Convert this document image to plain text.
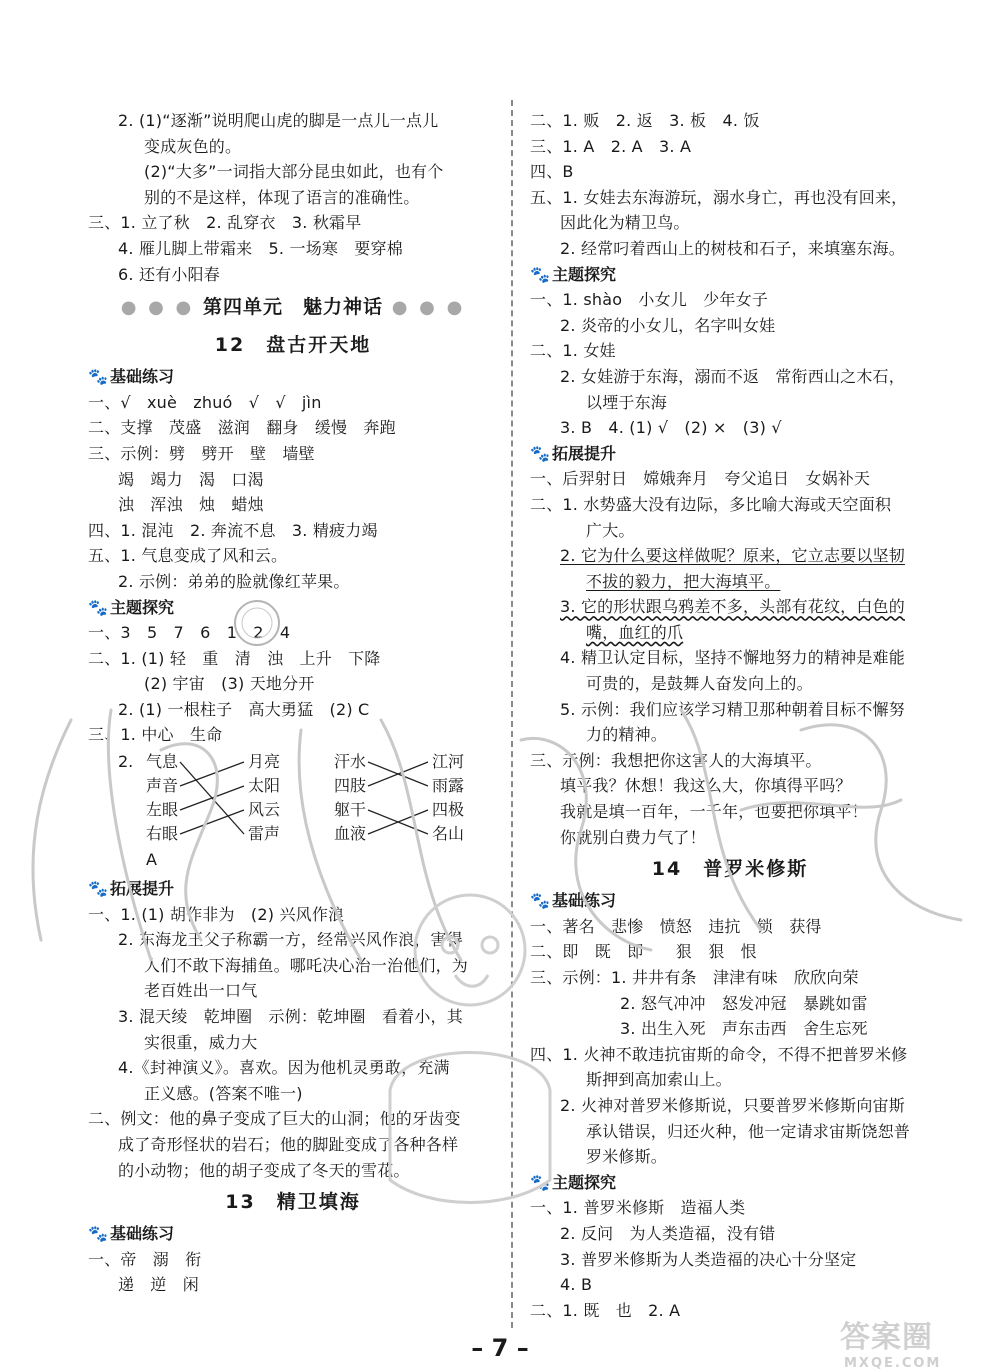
2. (1)“逐渐”说明爬山虎的脚是一点儿一点儿
变成灰色的。
(2)“大多”一词指大部分昆虫如此，也有个
别的不是这样，体现了语言的准确性。
三、1. 立了秋　2. 乱穿衣　3. 秋霜早
4. 雁儿脚上带霜来　5. 一场寒　要穿棉
6. 还有小阳春
● ● ● 第四单元　魅力神话 ● ● ●
12　盘古开天地
🐾 基础练习
一、√　xuè　zhuó　√　√　jìn
二、支撑　茂盛　滋润　翻身　缓慢　奔跑
三、示例：劈　劈开　壁　墙壁
竭　竭力　渴　口渴
浊　浑浊　烛　蜡烛
四、1. 混沌　2. 奔流不息　3. 精疲力竭
五、1. 气息变成了风和云。
2. 示例：弟弟的脸就像红苹果。
🐾 主题探究
一、3　5　7　6　1　2　4
二、1. (1) 轻　重　清　浊　上升　下降
(2) 宇宙　(3) 天地分开
2. (1) 一根柱子　高大勇猛　(2) C
三、1. 中心　生命
2. 气息
声音
左眼
右眼
月亮
太阳
风云
雷声
汗水
四肢
躯干
血液
江河
雨露
四极
名山
A
🐾 拓展提升
一、1. (1) 胡作非为　(2) 兴风作浪
2. 东海龙王父子称霸一方，经常兴风作浪，害得
人们不敢下海捕鱼。哪吒决心治一治他们，为
老百姓出一口气
3. 混天绫　乾坤圈　示例：乾坤圈　看着小，其
实很重，威力大
4.《封神演义》。喜欢。因为他机灵勇敢，充满
正义感。(答案不唯一)
二、例文：他的鼻子变成了巨大的山洞；他的牙齿变
成了奇形怪状的岩石；他的脚趾变成了各种各样
的小动物；他的胡子变成了冬天的雪花。
13　精卫填海
🐾 基础练习
一、帝　溺　衔
递　逆　闲
二、1. 贩　2. 返　3. 板　4. 饭
三、1. A　2. A　3. A
四、B
五、1. 女娃去东海游玩，溺水身亡，再也没有回来，
因此化为精卫鸟。
2. 经常叼着西山上的树枝和石子，来填塞东海。
🐾 主题探究
一、1. shào　小女儿　少年女子
2. 炎帝的小女儿，名字叫女娃
二、1. 女娃
2. 女娃游于东海，溺而不返　常衔西山之木石，
以堙于东海
3. B　4. (1) √　(2) ×　(3) √
🐾 拓展提升
一、后羿射日　嫦娥奔月　夸父追日　女娲补天
二、1. 水势盛大没有边际，多比喻大海或天空面积
广大。
2. 它为什么要这样做呢？原来，它立志要以坚韧
不拔的毅力，把大海填平。
3. 它的形状跟乌鸦差不多，头部有花纹，白色的
嘴，血红的爪
4. 精卫认定目标，坚持不懈地努力的精神是难能
可贵的，是鼓舞人奋发向上的。
5. 示例：我们应该学习精卫那种朝着目标不懈努
力的精神。
三、示例：我想把你这害人的大海填平。
填平我？休想！我这么大，你填得平吗？
我就是填一百年，一千年，也要把你填平！
你就别白费力气了！
14　普罗米修斯
🐾 基础练习
一、著名　悲惨　愤怒　违抗　锁　获得
二、即　既　即　　狠　狠　恨
三、示例：1. 井井有条　津津有味　欣欣向荣
2. 怒气冲冲　怒发冲冠　暴跳如雷
3. 出生入死　声东击西　舍生忘死
四、1. 火神不敢违抗宙斯的命令，不得不把普罗米修
斯押到高加索山上。
2. 火神对普罗米修斯说，只要普罗米修斯向宙斯
承认错误，归还火种，他一定请求宙斯饶恕普
罗米修斯。
🐾 主题探究
一、1. 普罗米修斯　造福人类
2. 反问　为人类造福，没有错
3. 普罗米修斯为人类造福的决心十分坚定
4. B
二、1. 既　也　2. A
– 7 –	答案圈
MXQE.COM
